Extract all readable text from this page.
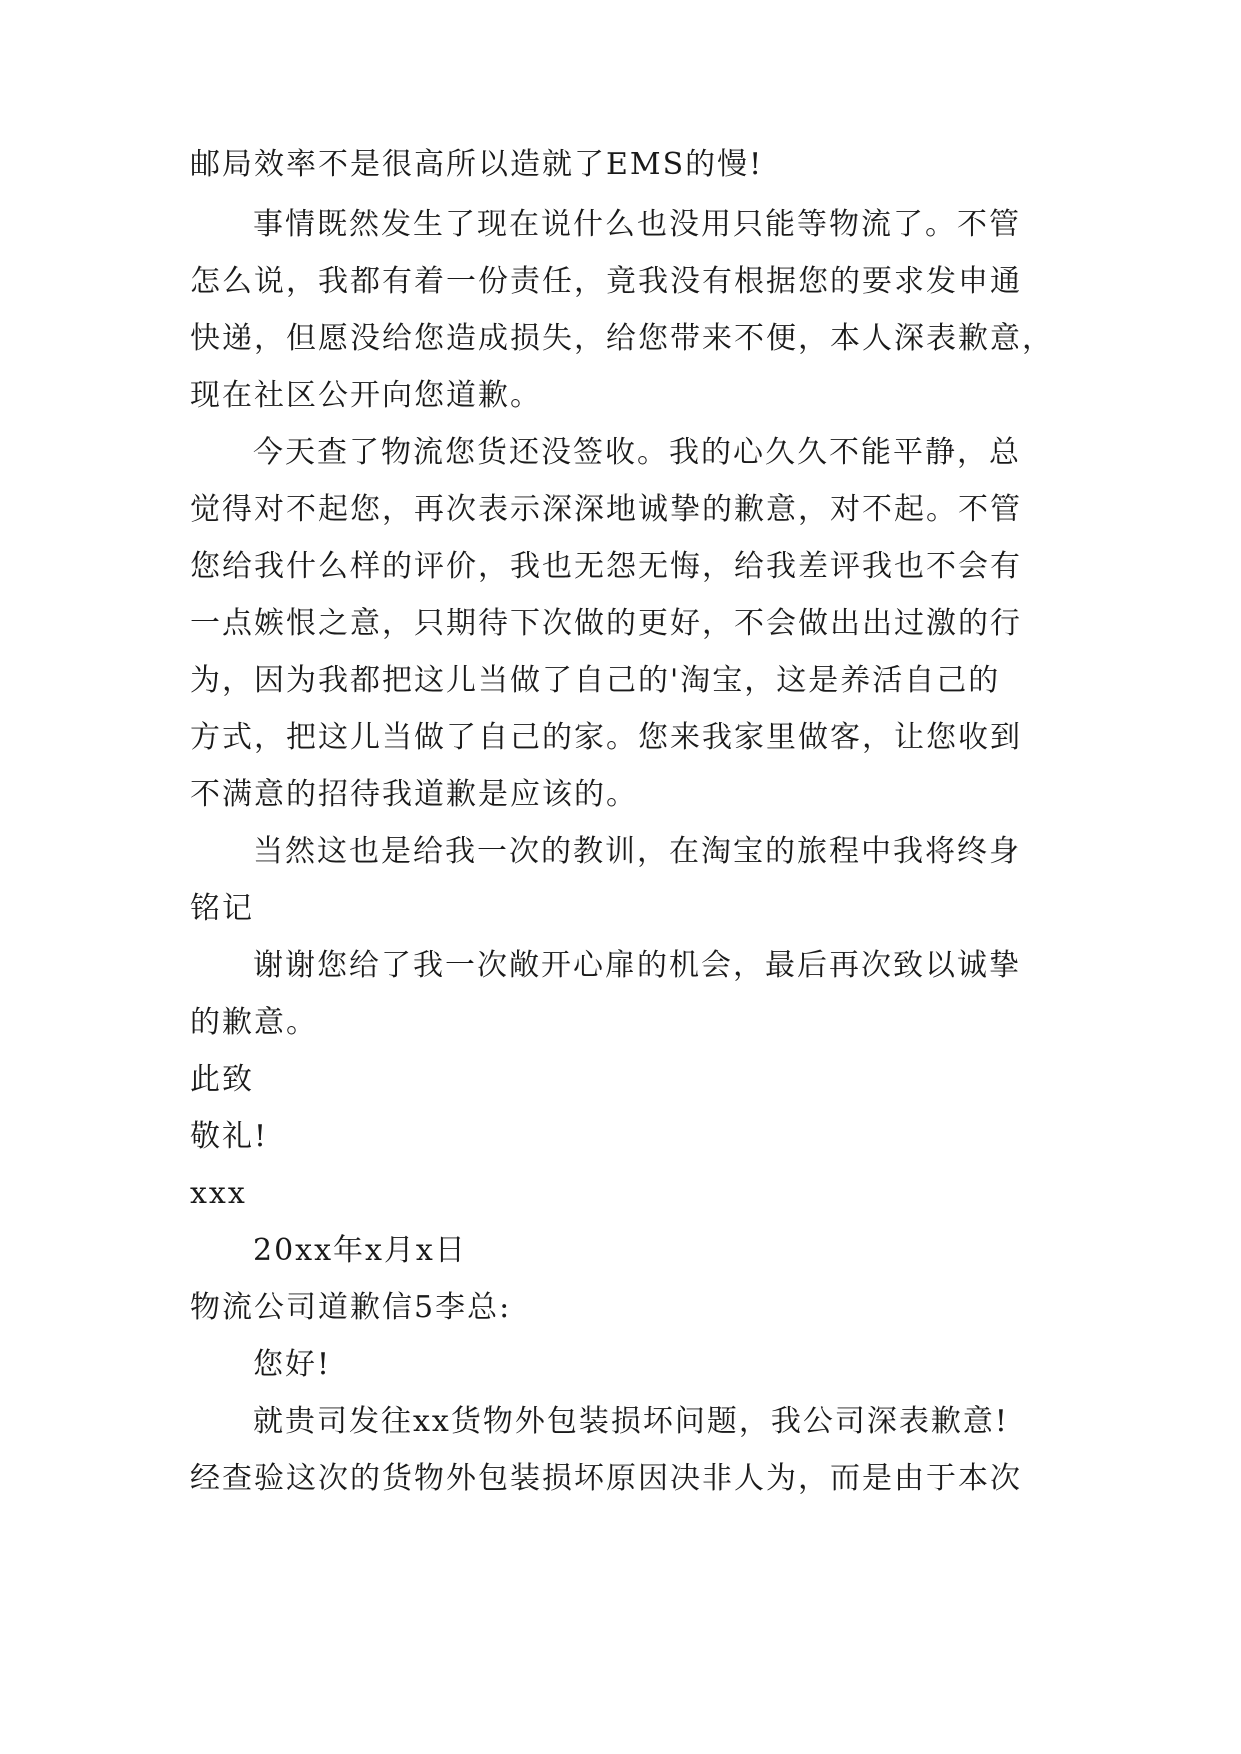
邮局效率不是很高所以造就了EMS的慢!
事情既然发生了现在说什么也没用只能等物流了。不管
怎么说，我都有着一份责任，竟我没有根据您的要求发申通
快递，但愿没给您造成损失，给您带来不便，本人深表歉意，
现在社区公开向您道歉。
今天查了物流您货还没签收。我的心久久不能平静，总
觉得对不起您，再次表示深深地诚挚的歉意，对不起。不管
您给我什么样的评价，我也无怨无悔，给我差评我也不会有
一点嫉恨之意，只期待下次做的更好，不会做出出过激的行
为，因为我都把这儿当做了自己的'淘宝，这是养活自己的
方式，把这儿当做了自己的家。您来我家里做客，让您收到
不满意的招待我道歉是应该的。
当然这也是给我一次的教训，在淘宝的旅程中我将终身
铭记
谢谢您给了我一次敞开心扉的机会，最后再次致以诚挚
的歉意。
此致
敬礼!
xxx
20xx年x月x日
物流公司道歉信5李总:
您好!
就贵司发往xx货物外包装损坏问题，我公司深表歉意!
经查验这次的货物外包装损坏原因决非人为，而是由于本次
